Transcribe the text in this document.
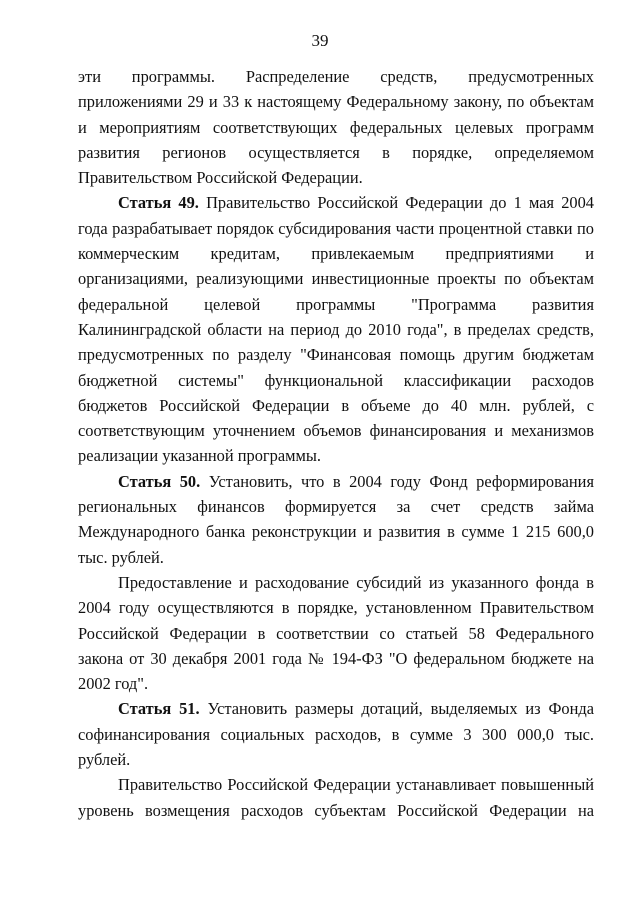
39

эти программы. Распределение средств, предусмотренных приложениями 29 и 33 к настоящему Федеральному закону, по объектам и мероприятиям соответствующих федеральных целевых программ развития регионов осуществляется в порядке, определяемом Правительством Российской Федерации.

Статья 49. Правительство Российской Федерации до 1 мая 2004 года разрабатывает порядок субсидирования части процентной ставки по коммерческим кредитам, привлекаемым предприятиями и организациями, реализующими инвестиционные проекты по объектам федеральной целевой программы "Программа развития Калининградской области на период до 2010 года", в пределах средств, предусмотренных по разделу "Финансовая помощь другим бюджетам бюджетной системы" функциональной классификации расходов бюджетов Российской Федерации в объеме до 40 млн. рублей, с соответствующим уточнением объемов финансирования и механизмов реализации указанной программы.

Статья 50. Установить, что в 2004 году Фонд реформирования региональных финансов формируется за счет средств займа Международного банка реконструкции и развития в сумме 1 215 600,0 тыс. рублей.

Предоставление и расходование субсидий из указанного фонда в 2004 году осуществляются в порядке, установленном Правительством Российской Федерации в соответствии со статьей 58 Федерального закона от 30 декабря 2001 года № 194-ФЗ "О федеральном бюджете на 2002 год".

Статья 51. Установить размеры дотаций, выделяемых из Фонда софинансирования социальных расходов, в сумме 3 300 000,0 тыс. рублей.

Правительство Российской Федерации устанавливает повышенный уровень возмещения расходов субъектам Российской Федерации на
